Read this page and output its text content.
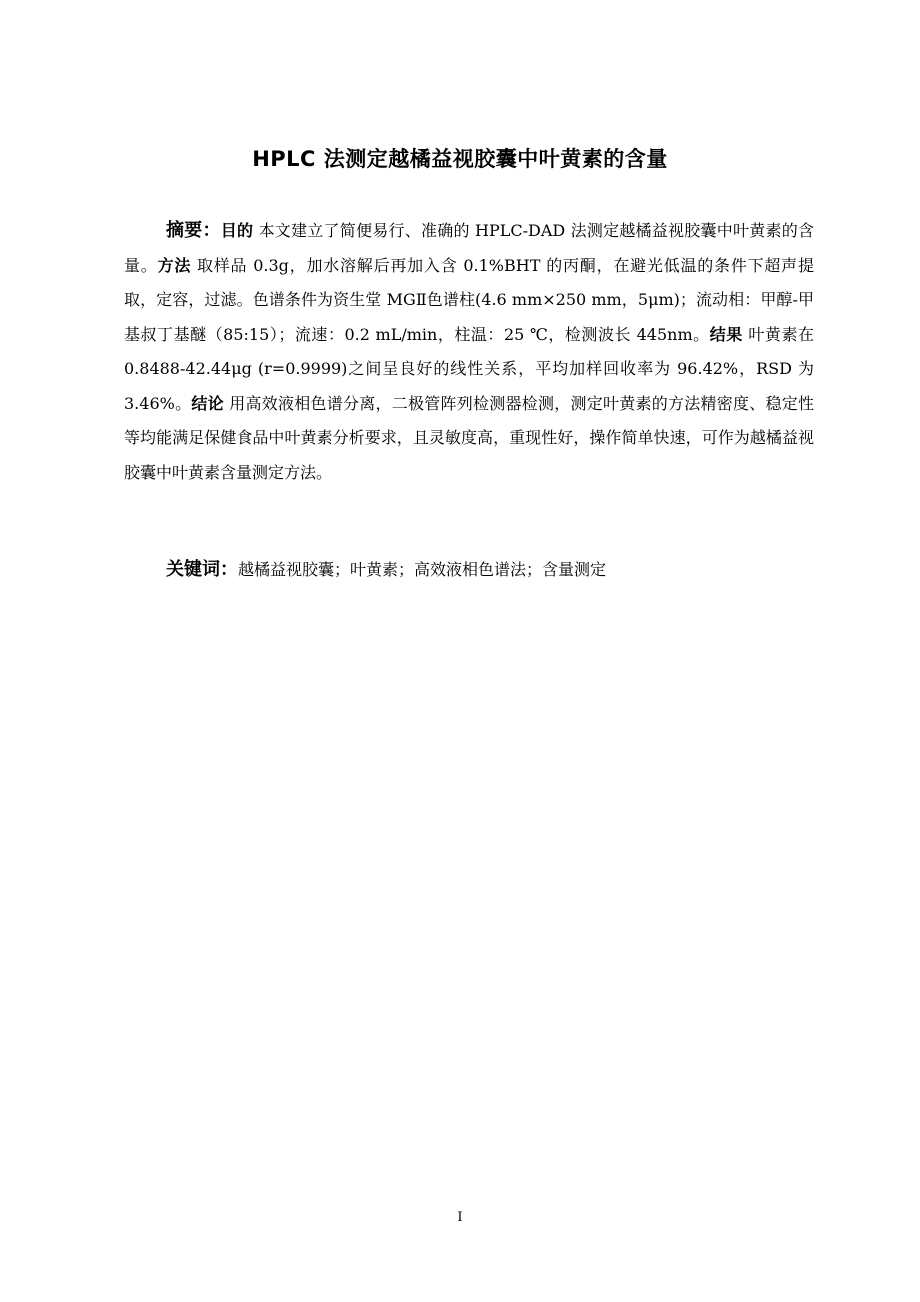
HPLC 法测定越橘益视胶囊中叶黄素的含量

摘要：目的 本文建立了简便易行、准确的 HPLC-DAD 法测定越橘益视胶囊中叶黄素的含量。方法 取样品 0.3g，加水溶解后再加入含 0.1%BHT 的丙酮，在避光低温的条件下超声提取，定容，过滤。色谱条件为资生堂 MGⅡ色谱柱(4.6 mm×250 mm，5μm)；流动相：甲醇-甲基叔丁基醚（85:15）；流速：0.2 mL/min，柱温：25 ℃，检测波长 445nm。结果 叶黄素在 0.8488-42.44μg (r=0.9999)之间呈良好的线性关系，平均加样回收率为 96.42%，RSD 为 3.46%。结论 用高效液相色谱分离，二极管阵列检测器检测，测定叶黄素的方法精密度、稳定性等均能满足保健食品中叶黄素分析要求，且灵敏度高，重现性好，操作简单快速，可作为越橘益视胶囊中叶黄素含量测定方法。

关键词：越橘益视胶囊；叶黄素；高效液相色谱法；含量测定

I
